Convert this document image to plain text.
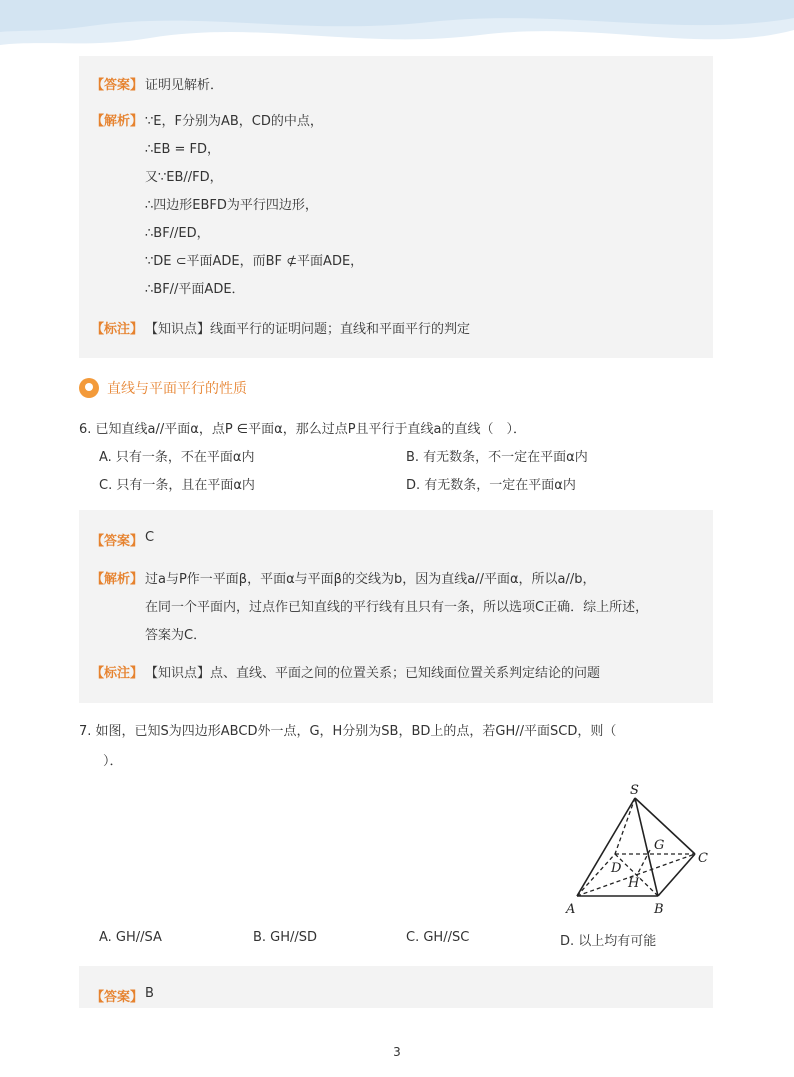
【答案】 证明见解析．
【解析】 ∵E，F分别为AB，CD的中点，
∴EB = FD，
又∵EB//FD，
∴四边形EBFD为平行四边形，
∴BF//ED，
∵DE ⊂平面ADE，而BF ⊄平面ADE，
∴BF//平面ADE．
【标注】 【知识点】线面平行的证明问题；直线和平面平行的判定
直线与平面平行的性质
6. 已知直线a//平面α，点P ∈平面α，那么过点P且平行于直线a的直线（　）．
A. 只有一条，不在平面α内	B. 有无数条，不一定在平面α内
C. 只有一条，且在平面α内	D. 有无数条，一定在平面α内
【答案】 C
【解析】 过a与P作一平面β，平面α与平面β的交线为b，因为直线a//平面α，所以a//b，
在同一个平面内，过点作已知直线的平行线有且只有一条，所以选项C正确．综上所述，
答案为C．
【标注】 【知识点】点、直线、平面之间的位置关系；已知线面位置关系判定结论的问题
7. 如图，已知S为四边形ABCD外一点，G，H分别为SB，BD上的点，若GH//平面SCD，则（
）．
S
G
C
D
H
A	B
A. GH//SA	B. GH//SD	C. GH//SC	D. 以上均有可能
【答案】 B
3
